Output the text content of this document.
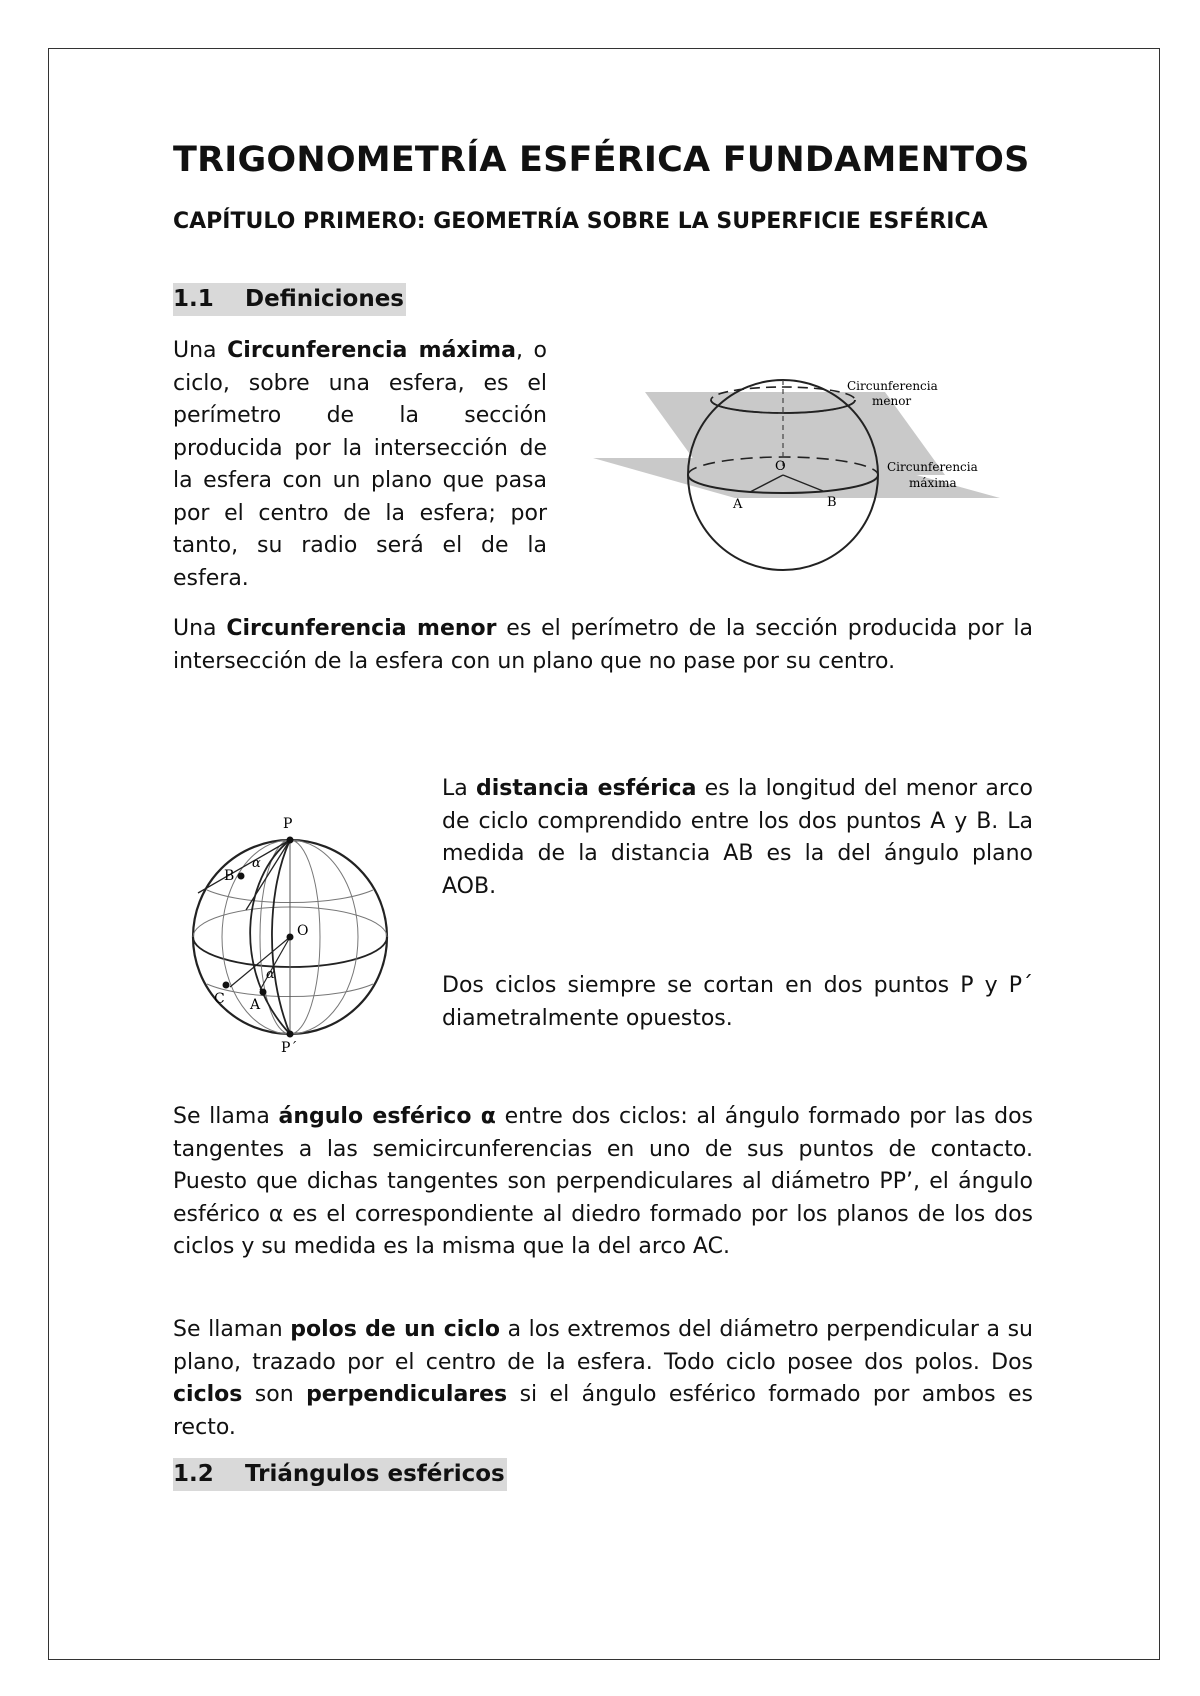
TRIGONOMETRÍA ESFÉRICA FUNDAMENTOS
CAPÍTULO PRIMERO: GEOMETRÍA SOBRE LA SUPERFICIE ESFÉRICA
1.1 Definiciones
Una Circunferencia máxima, o ciclo, sobre una esfera, es el perímetro de la sección producida por la intersección de la esfera con un plano que pasa por el centro de la esfera; por tanto, su radio será el de la esfera.
O
A	B
Circunferencia
menor
Circunferencia
máxima
Una Circunferencia menor es el perímetro de la sección producida por la intersección de la esfera con un plano que no pase por su centro.
P
P´
B
O
C A
α
α
La distancia esférica es la longitud del menor arco de ciclo comprendido entre los dos puntos A y B. La medida de la distancia AB es la del ángulo plano AOB.
Dos ciclos siempre se cortan en dos puntos P y P´ diametralmente opuestos.
Se llama ángulo esférico α entre dos ciclos: al ángulo formado por las dos tangentes a las semicircunferencias en uno de sus puntos de contacto. Puesto que dichas tangentes son perpendiculares al diámetro PP’, el ángulo esférico α es el correspondiente al diedro formado por los planos de los dos ciclos y su medida es la misma que la del arco AC.
Se llaman polos de un ciclo a los extremos del diámetro perpendicular a su plano, trazado por el centro de la esfera. Todo ciclo posee dos polos. Dos ciclos son perpendiculares si el ángulo esférico formado por ambos es recto.
1.2 Triángulos esféricos
